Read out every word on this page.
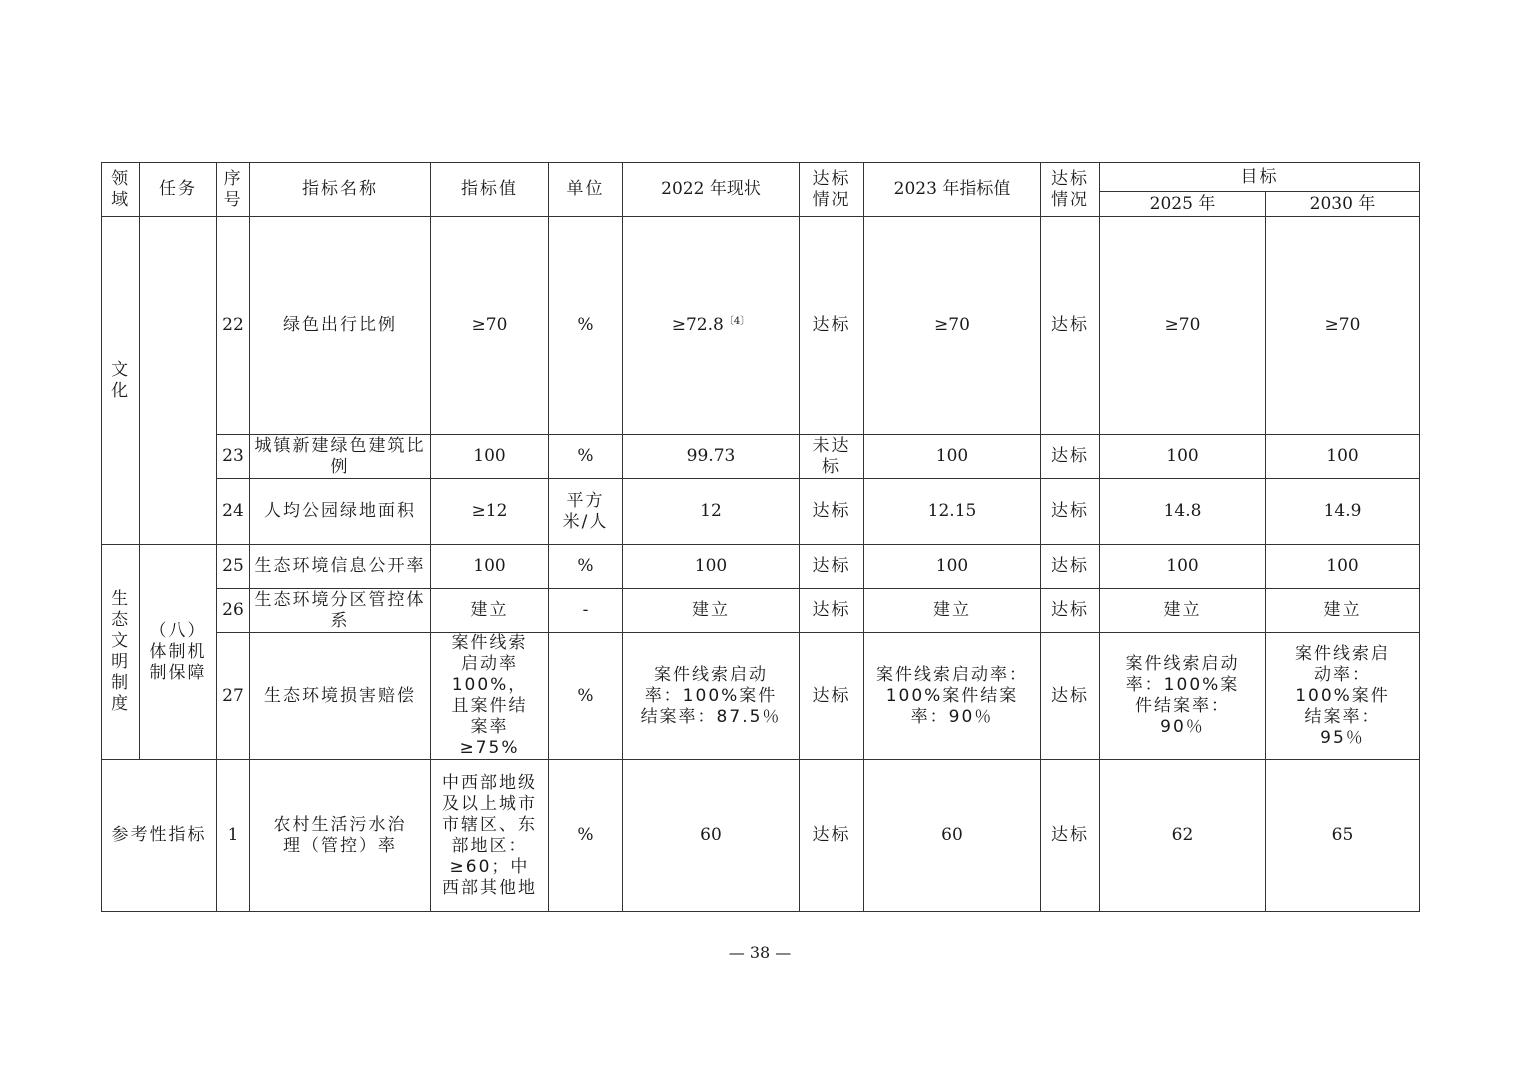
领域	任务	序号	指标名称	指标值	单位	2022 年现状	达标情况	2023 年指标值	达标情况	目标	
										2025 年	2030 年

文化		22	绿色出行比例	≥70	%	$\ge 72.8^{〔4〕}$	达标	≥70	达标	≥70	≥70
		23	城镇新建绿色建筑比例	100	%	99.73	未达标	100	达标	100	100
		24	人均公园绿地面积	≥12	平方米/人	12	达标	12.15	达标	14.8	14.9

生态文明制度	（八）体制机制保障	25	生态环境信息公开率	100	%	100	达标	100	达标	100	100
		26	生态环境分区管控体系	建立	-	建立	达标	建立	达标	建立	建立
		27	生态环境损害赔偿	案件线索启动率100%，且案件结案率≥75%	%	案件线索启动率：100%案件结案率：87.5％	达标	案件线索启动率：100%案件结案率：90％	达标	案件线索启动率：100%案件结案率：90％	案件线索启动率：100%案件结案率：95％
参考性指标		1	农村生活污水治理（管控）率	中西部地级及以上城市市辖区、东部地区：≥60；中西部其他地	%	60	达标	60	达标	62	65
— 38 —
